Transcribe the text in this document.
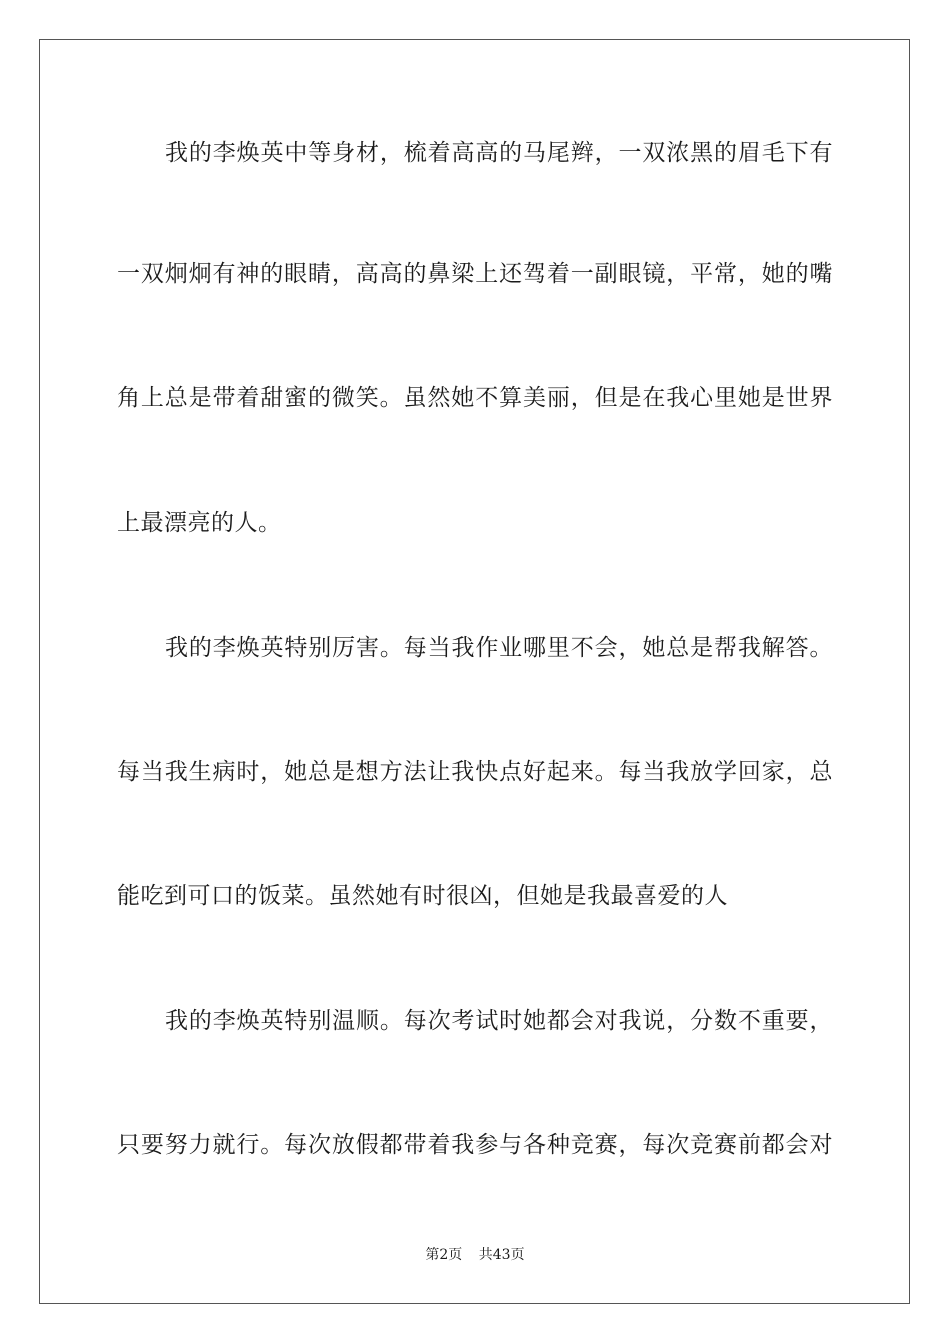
我的李焕英中等身材，梳着高高的马尾辫，一双浓黑的眉毛下有
一双炯炯有神的眼睛，高高的鼻梁上还驾着一副眼镜，平常，她的嘴
角上总是带着甜蜜的微笑。虽然她不算美丽，但是在我心里她是世界
上最漂亮的人。
我的李焕英特别厉害。每当我作业哪里不会，她总是帮我解答。
每当我生病时，她总是想方法让我快点好起来。每当我放学回家，总
能吃到可口的饭菜。虽然她有时很凶，但她是我最喜爱的人
我的李焕英特别温顺。每次考试时她都会对我说，分数不重要，
只要努力就行。每次放假都带着我参与各种竞赛，每次竞赛前都会对
第2页 共43页
